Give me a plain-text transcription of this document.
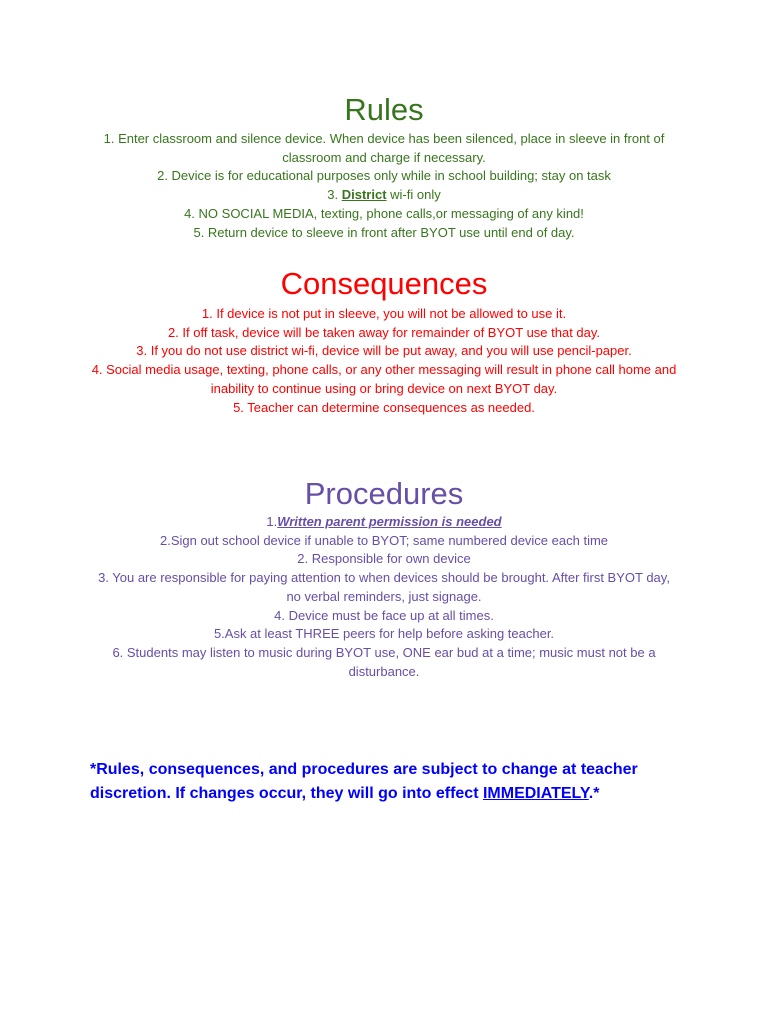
Rules
1. Enter classroom and silence device. When device has been silenced, place in sleeve in front of classroom and charge if necessary.
2. Device is for educational purposes only while in school building; stay on task
3. District wi-fi only
4. NO SOCIAL MEDIA, texting, phone calls,or messaging of any kind!
5. Return device to sleeve in front after BYOT use until end of day.
Consequences
1. If device is not put in sleeve, you will not be allowed to use it.
2. If off task, device will be taken away for remainder of BYOT use that day.
3. If you do not use district wi-fi, device will be put away, and you will use pencil-paper.
4. Social media usage, texting, phone calls, or any other messaging will result in phone call home and inability to continue using or bring device on next BYOT day.
5. Teacher can determine consequences as needed.
Procedures
1.Written parent permission is needed
2.Sign out school device if unable to BYOT; same numbered device each time
2. Responsible for own device
3. You are responsible for paying attention to when devices should be brought. After first BYOT day, no verbal reminders, just signage.
4. Device must be face up at all times.
5.Ask at least THREE peers for help before asking teacher.
6. Students may listen to music during BYOT use, ONE ear bud at a time; music must not be a disturbance.

*Rules, consequences, and procedures are subject to change at teacher discretion. If changes occur, they will go into effect IMMEDIATELY.*
